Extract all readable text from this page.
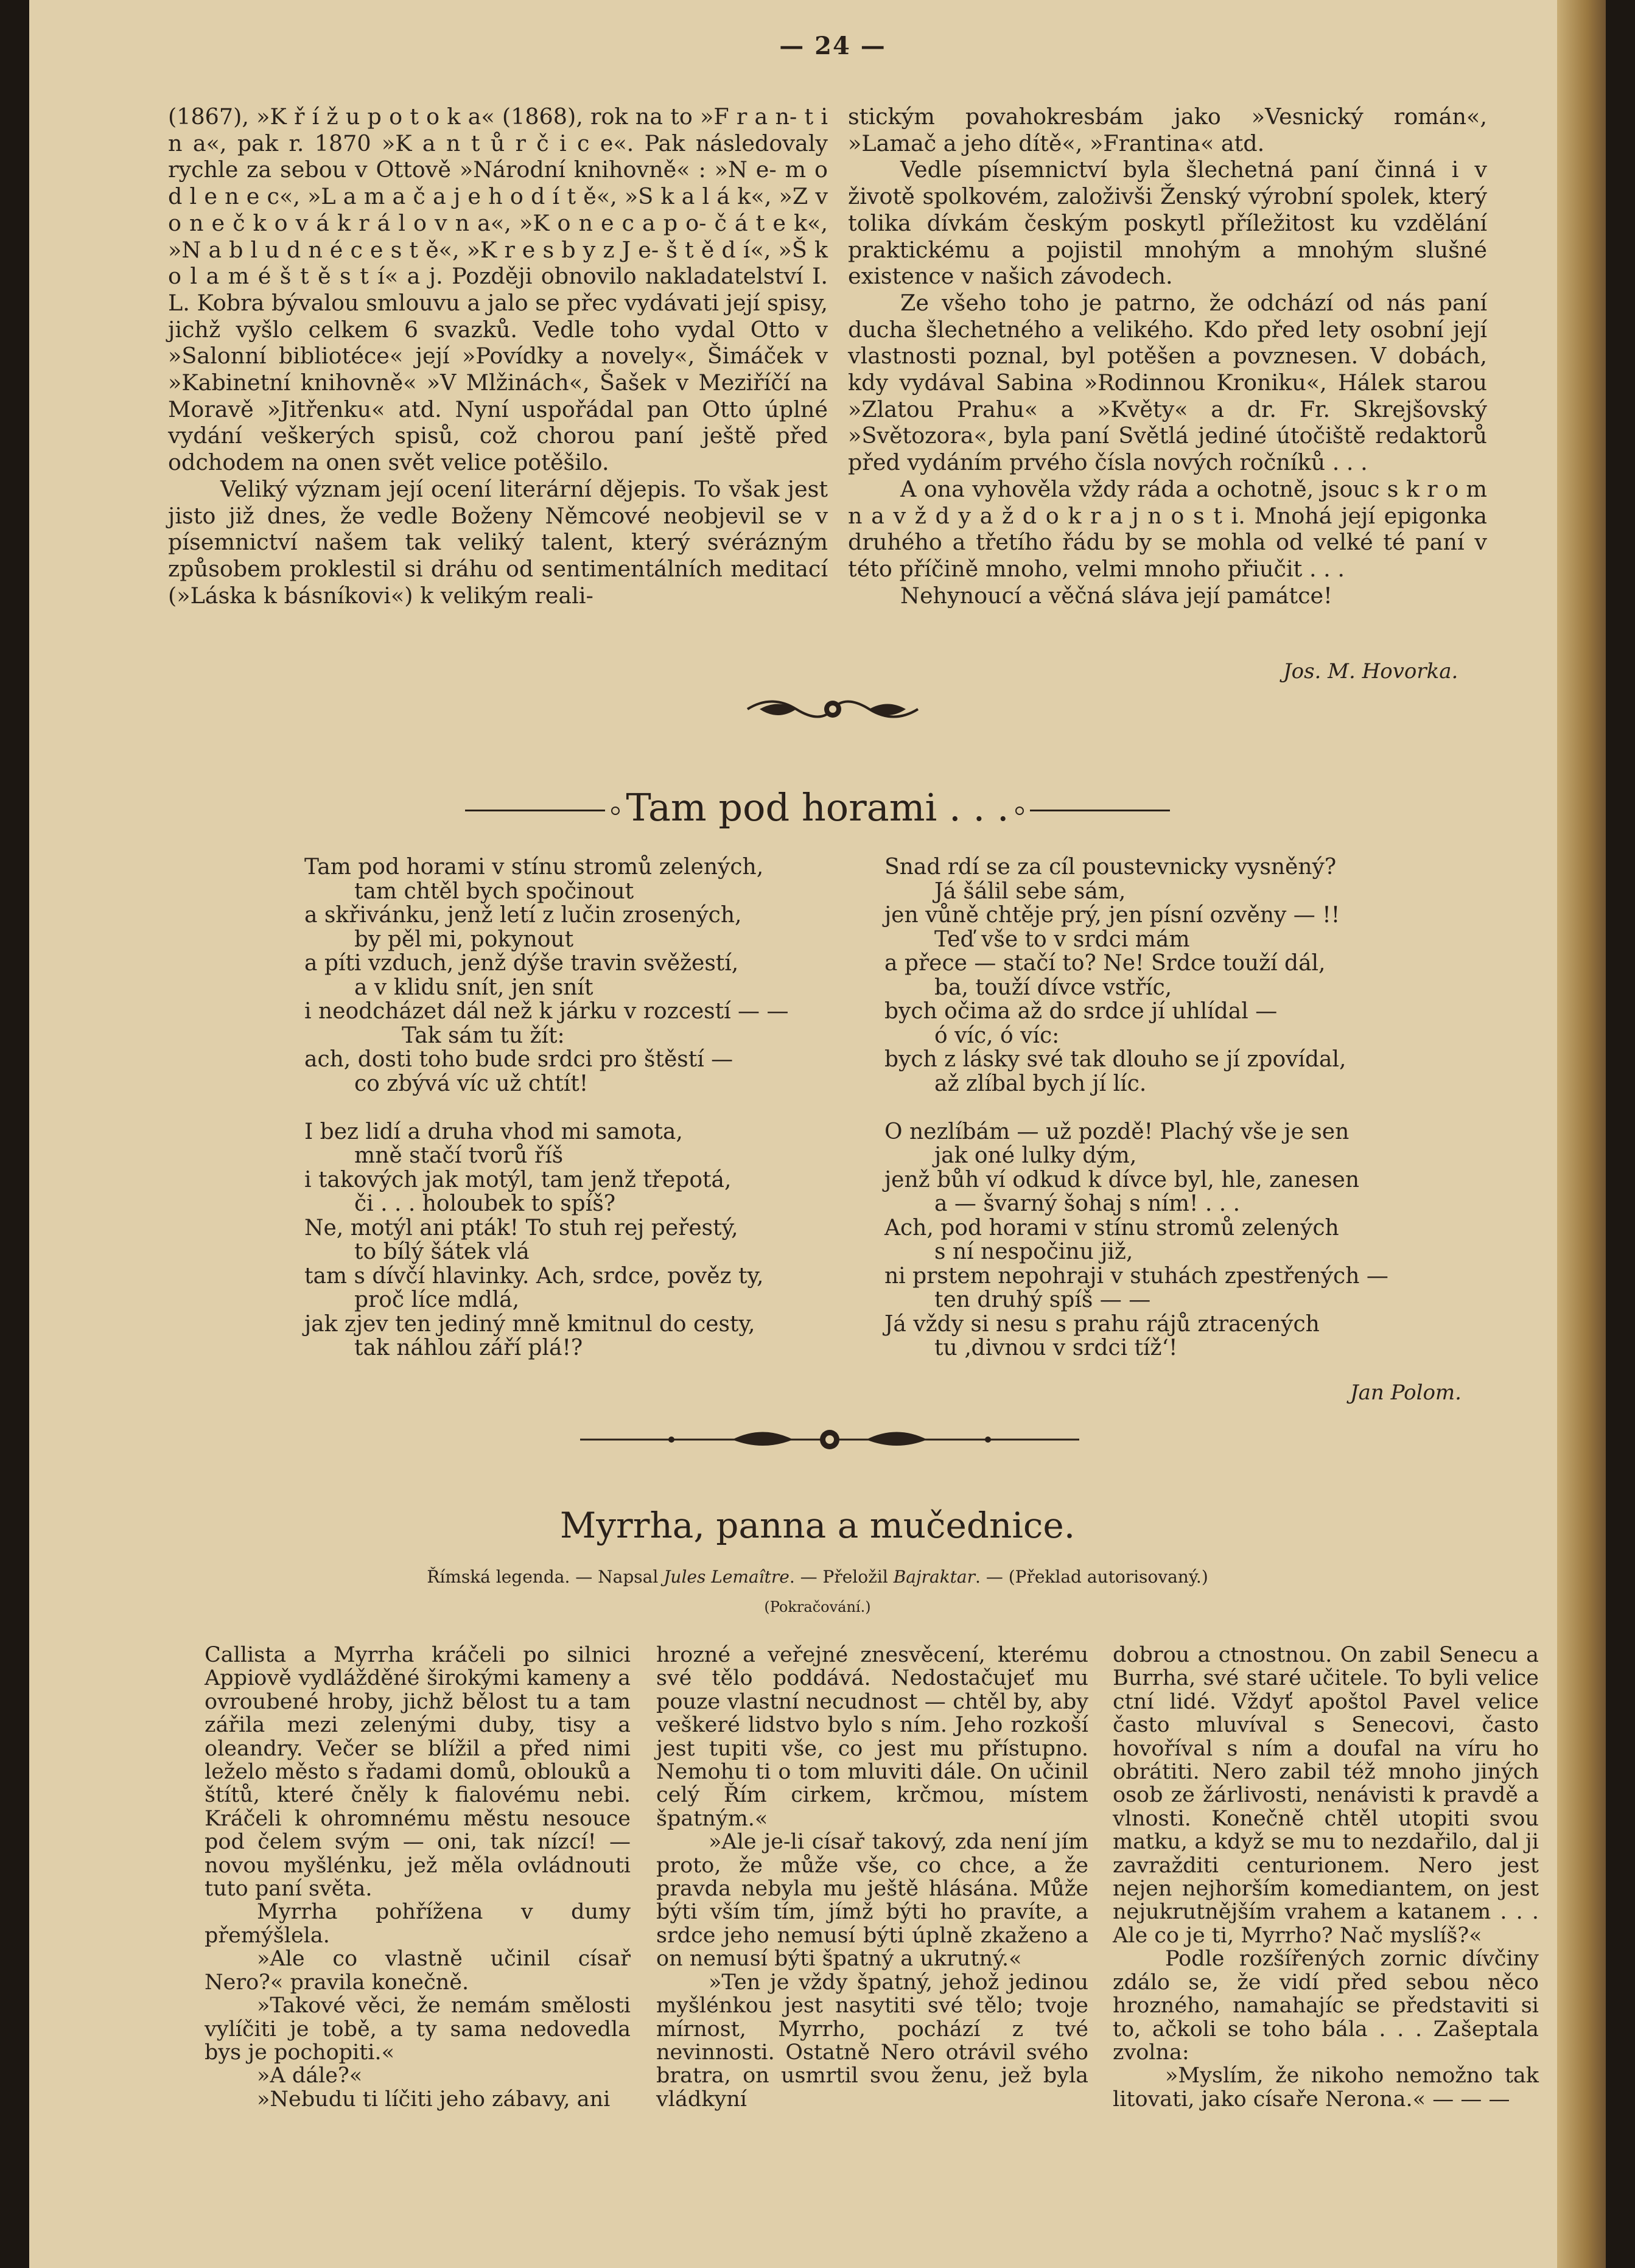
— 24 —

(1867), »K ř í ž u p o t o k a« (1868), rok na to »F r a n- t i n a«, pak r. 1870 »K a n t ů r č i c e«. Pak následovaly rychle za sebou v Ottově »Národní knihovně« : »N e- m o d l e n e c«, »L a m a č a j e h o d í t ě«, »S k a l á k«, »Z v o n e č k o v á k r á l o v n a«, »K o n e c a p o- č á t e k«, »N a b l u d n é c e s t ě«, »K r e s b y z J e- š t ě d í«, »Š k o l a m é š t ě s t í« a j. Později obnovilo nakladatelství I. L. Kobra bývalou smlouvu a jalo se přec vydávati její spisy, jichž vyšlo celkem 6 svazků. Vedle toho vydal Otto v »Salonní bibliotéce« její »Povídky a novely«, Šimáček v »Kabinetní knihovně« »V Mlžinách«, Šašek v Meziříčí na Moravě »Jitřenku« atd. Nyní uspořádal pan Otto úplné vydání veškerých spisů, což chorou paní ještě před odchodem na onen svět velice potěšilo.

Veliký význam její ocení literární dějepis. To však jest jisto již dnes, že vedle Boženy Němcové neobjevil se v písemnictví našem tak veliký talent, který svérázným způsobem proklestil si dráhu od sentimentálních meditací (»Láska k básníkovi«) k velikým reali-

stickým povahokresbám jako »Vesnický román«, »Lamač a jeho dítě«, »Frantina« atd.

Vedle písemnictví byla šlechetná paní činná i v životě spolkovém, založivši Ženský výrobní spolek, který tolika dívkám českým poskytl příležitost ku vzdělání praktickému a pojistil mnohým a mnohým slušné existence v našich závodech.

Ze všeho toho je patrno, že odchází od nás paní ducha šlechetného a velikého. Kdo před lety osobní její vlastnosti poznal, byl potěšen a povznesen. V dobách, kdy vydával Sabina »Rodinnou Kroniku«, Hálek starou »Zlatou Prahu« a »Květy« a dr. Fr. Skrejšovský »Světozora«, byla paní Světlá jediné útočiště redaktorů před vydáním prvého čísla nových ročníků . . .

A ona vyhověla vždy ráda a ochotně, jsouc s k r o m n a v ž d y a ž d o k r a j n o s t i. Mnohá její epigonka druhého a třetího řádu by se mohla od velké té paní v této příčině mnoho, velmi mnoho přiučit . . .

Nehynoucí a věčná sláva její památce!

Jos. M. Hovorka.
Tam pod horami . . .
Tam pod horami v stínu stromů zelených,
tam chtěl bych spočinout
a skřivánku, jenž letí z lučin zrosených,
by pěl mi, pokynout
a píti vzduch, jenž dýše travin svěžestí,
a v klidu snít, jen snít
i neodcházet dál než k járku v rozcestí — —
Tak sám tu žít:
ach, dosti toho bude srdci pro štěstí —
co zbývá víc už chtít!
I bez lidí a druha vhod mi samota,
mně stačí tvorů říš
i takových jak motýl, tam jenž třepotá,
či . . . holoubek to spíš?
Ne, motýl ani pták! To stuh rej peřestý,
to bílý šátek vlá
tam s dívčí hlavinky. Ach, srdce, pověz ty,
proč líce mdlá,
jak zjev ten jediný mně kmitnul do cesty,
tak náhlou září plá!?
Snad rdí se za cíl poustevnicky vysněný?
Já šálil sebe sám,
jen vůně chtěje prý, jen písní ozvěny — !!
Teď vše to v srdci mám
a přece — stačí to? Ne! Srdce touží dál,
ba, touží dívce vstříc,
bych očima až do srdce jí uhlídal —
ó víc, ó víc:
bych z lásky své tak dlouho se jí zpovídal,
až zlíbal bych jí líc.
O nezlíbám — už pozdě! Plachý vše je sen
jak oné lulky dým,
jenž bůh ví odkud k dívce byl, hle, zanesen
a — švarný šohaj s ním! . . .
Ach, pod horami v stínu stromů zelených
s ní nespočinu již,
ni prstem nepohraji v stuhách zpestřených —
ten druhý spíš — —
Já vždy si nesu s prahu rájů ztracených
tu ‚divnou v srdci tíž‘!
Jan Polom.
Myrrha, panna a mučednice.
Římská legenda. — Napsal Jules Lemaître. — Přeložil Bajraktar. — (Překlad autorisovaný.)
(Pokračování.)

Callista a Myrrha kráčeli po silnici Appiově vydlážděné širokými kameny a ovroubené hroby, jichž bělost tu a tam zářila mezi zelenými duby, tisy a oleandry. Večer se blížil a před nimi leželo město s řadami domů, oblouků a štítů, které čněly k fialovému nebi. Kráčeli k ohromnému městu nesouce pod čelem svým — oni, tak nízcí! — novou myšlénku, jež měla ovládnouti tuto paní světa.

Myrrha pohřížena v dumy přemýšlela.

»Ale co vlastně učinil císař Nero?« pravila konečně.

»Takové věci, že nemám smělosti vylíčiti je tobě, a ty sama nedovedla bys je pochopiti.«

»A dále?«

»Nebudu ti líčiti jeho zábavy, ani

hrozné a veřejné znesvěcení, kterému své tělo poddává. Nedostačujeť mu pouze vlastní necudnost — chtěl by, aby veškeré lidstvo bylo s ním. Jeho rozkoší jest tupiti vše, co jest mu přístupno. Nemohu ti o tom mluviti dále. On učinil celý Řím cirkem, krčmou, místem špatným.«

»Ale je-li císař takový, zda není jím proto, že může vše, co chce, a že pravda nebyla mu ještě hlásána. Může býti vším tím, jímž býti ho pravíte, a srdce jeho nemusí býti úplně zkaženo a on nemusí býti špatný a ukrutný.«

»Ten je vždy špatný, jehož jedinou myšlénkou jest nasytiti své tělo; tvoje mírnost, Myrrho, pochází z tvé nevinnosti. Ostatně Nero otrávil svého bratra, on usmrtil svou ženu, jež byla vládkyní

dobrou a ctnostnou. On zabil Senecu a Burrha, své staré učitele. To byli velice ctní lidé. Vždyť apoštol Pavel velice často mluvíval s Senecovi, často hovoříval s ním a doufal na víru ho obrátiti. Nero zabil též mnoho jiných osob ze žárlivosti, nenávisti k pravdě a vlnosti. Konečně chtěl utopiti svou matku, a když se mu to nezdařilo, dal ji zavražditi centurionem. Nero jest nejen nejhorším komediantem, on jest nejukrutnějším vrahem a katanem . . . Ale co je ti, Myrrho? Nač myslíš?«

Podle rozšířených zornic dívčiny zdálo se, že vidí před sebou něco hrozného, namahajíc se představiti si to, ačkoli se toho bála . . . Zašeptala zvolna:

»Myslím, že nikoho nemožno tak litovati, jako císaře Nerona.« — — —
